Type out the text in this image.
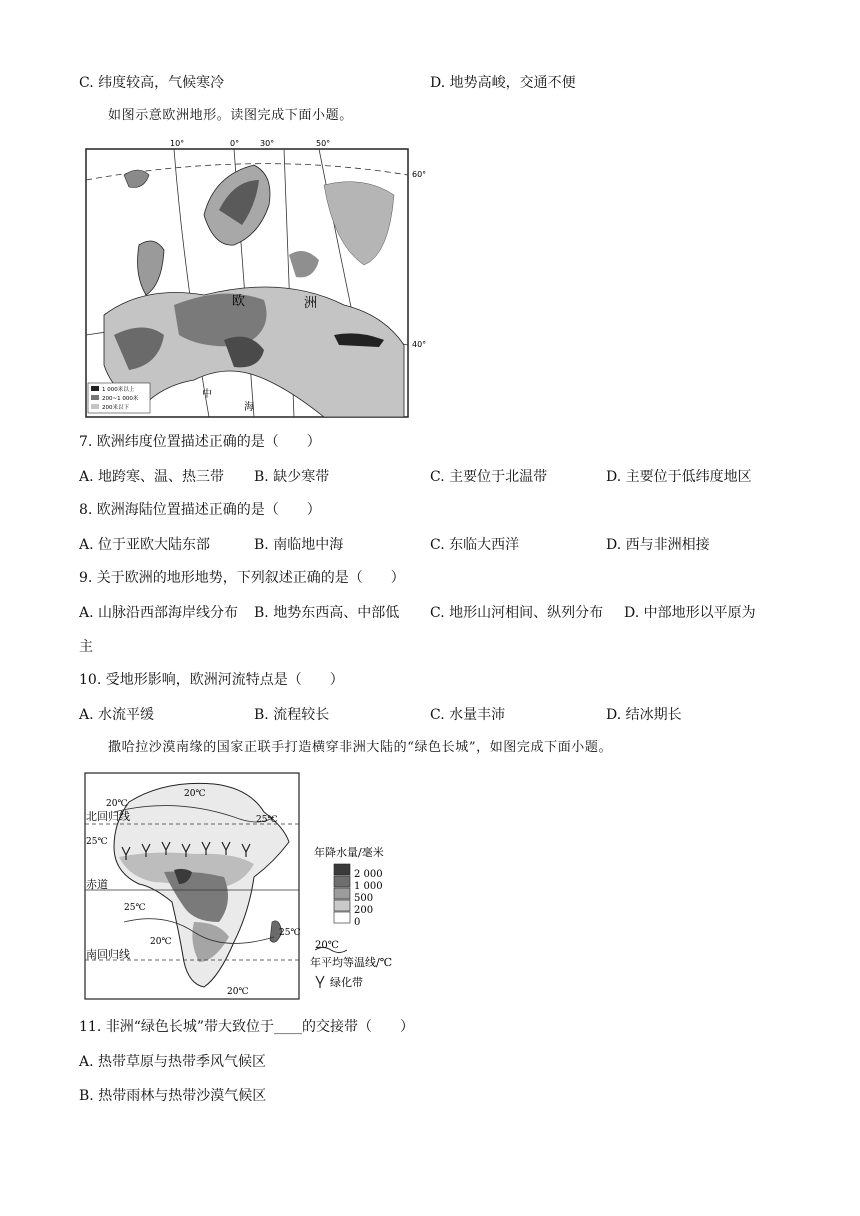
C. 纬度较高，气候寒冷	D. 地势高峻，交通不便
如图示意欧洲地形。读图完成下面小题。
10°	0°	30°	50°
60°
40°
欧	洲
中
海
1 000米以上
200~1 000米
200米以下
7. 欧洲纬度位置描述正确的是（　　）
A. 地跨寒、温、热三带 B. 缺少寒带	C. 主要位于北温带	D. 主要位于低纬度地区
8. 欧洲海陆位置描述正确的是（　　）
A. 位于亚欧大陆东部	B. 南临地中海	C. 东临大西洋	D. 西与非洲相接
9. 关于欧洲的地形地势，下列叙述正确的是（　　）
A. 山脉沿西部海岸线分布 B. 地势东西高、中部低 C. 地形山河相间、纵列分布 D. 中部地形以平原为
主
10. 受地形影响，欧洲河流特点是（　　）
A. 水流平缓	B. 流程较长	C. 水量丰沛	D. 结冰期长
撒哈拉沙漠南缘的国家正联手打造横穿非洲大陆的“绿色长城”，如图完成下面小题。
北回归线
赤道
南回归线
20℃
20℃
25℃
25℃
25℃
20℃
25℃
20℃
年降水量/毫米
2 000
1 000
500
200
0
20℃
年平均等温线/℃
绿化带
11. 非洲“绿色长城”带大致位于____的交接带（　　）
A. 热带草原与热带季风气候区
B. 热带雨林与热带沙漠气候区
